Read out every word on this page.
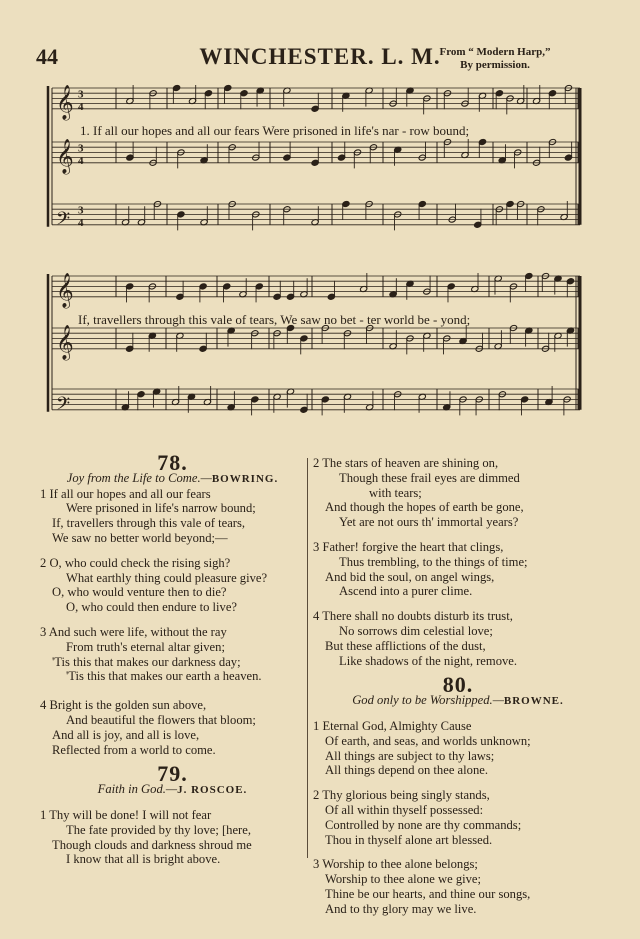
44	WINCHESTER. L. M.
From “ Modern Harp,”
By permission.
𝄞 3
4
𝄞 3
4
𝄢 3
4
𝄞
𝄞
𝄢
1. If all our hopes and all our fears Were prisoned in life's nar - row bound;
If, travellers through this vale of tears, We saw no bet - ter world be - yond;
78.
Joy from the Life to Come.—BOWRING.
1 If all our hopes and all our fears
Were prisoned in life's narrow bound;
If, travellers through this vale of tears,
We saw no better world beyond;—
2 O, who could check the rising sigh?
What earthly thing could pleasure give?
O, who would venture then to die?
O, who could then endure to live?
3 And such were life, without the ray
From truth's eternal altar given;
'Tis this that makes our darkness day;
'Tis this that makes our earth a heaven.
4 Bright is the golden sun above,
And beautiful the flowers that bloom;
And all is joy, and all is love,
Reflected from a world to come.
79.
Faith in God.—J. ROSCOE.
1 Thy will be done! I will not fear
The fate provided by thy love; [here,
Though clouds and darkness shroud me
I know that all is bright above.
2 The stars of heaven are shining on,
Though these frail eyes are dimmed
with tears;
And though the hopes of earth be gone,
Yet are not ours th' immortal years?
3 Father! forgive the heart that clings,
Thus trembling, to the things of time;
And bid the soul, on angel wings,
Ascend into a purer clime.
4 There shall no doubts disturb its trust,
No sorrows dim celestial love;
But these afflictions of the dust,
Like shadows of the night, remove.
80.
God only to be Worshipped.—BROWNE.
1 Eternal God, Almighty Cause
Of earth, and seas, and worlds unknown;
All things are subject to thy laws;
All things depend on thee alone.
2 Thy glorious being singly stands,
Of all within thyself possessed:
Controlled by none are thy commands;
Thou in thyself alone art blessed.
3 Worship to thee alone belongs;
Worship to thee alone we give;
Thine be our hearts, and thine our songs,
And to thy glory may we live.
